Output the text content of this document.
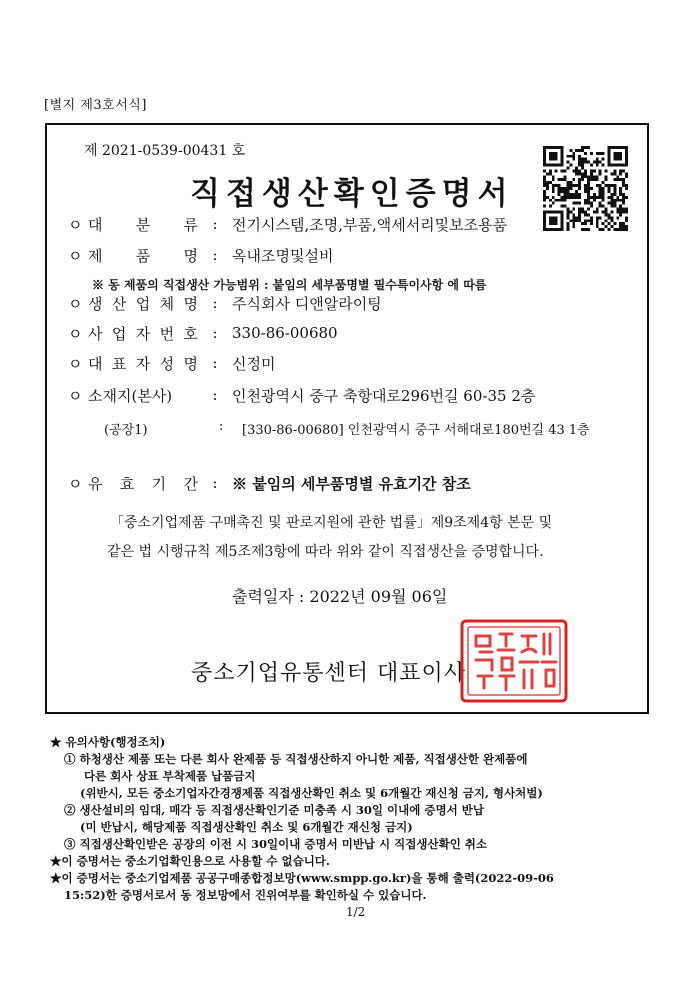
[별지 제3호서식]
제 2021-0539-00431 호
직접생산확인증명서
ㅇ 대 분 류 : 전기시스템,조명,부품,액세서리및보조용품
ㅇ 제 품 명 : 옥내조명및설비
※ 동 제품의 직접생산 가능범위 : 붙임의 세부품명별 필수특이사항 에 따름
ㅇ 생 산 업 체 명 : 주식회사 디앤알라이팅
ㅇ 사 업 자 번 호 : 330-86-00680
ㅇ 대 표 자 성 명 : 신정미
ㅇ 소재지(본사)	: 인천광역시 중구 축항대로296번길 60-35 2층
(공장1)	: [330-86-00680] 인천광역시 중구 서해대로180번길 43 1층
ㅇ 유 효 기 간 : ※ 붙임의 세부품명별 유효기간 참조
「중소기업제품 구매촉진 및 판로지원에 관한 법률」제9조제4항 본문 및
같은 법 시행규칙 제5조제3항에 따라 위와 같이 직접생산을 증명합니다.
출력일자 : 2022년 09월 06일
중소기업유통센터 대표이사
★ 유의사항(행정조치)
① 하청생산 제품 또는 다른 회사 완제품 등 직접생산하지 아니한 제품, 직접생산한 완제품에
다른 회사 상표 부착제품 납품금지
(위반시, 모든 중소기업자간경쟁제품 직접생산확인 취소 및 6개월간 재신청 금지, 형사처벌)
② 생산설비의 임대, 매각 등 직접생산확인기준 미충족 시 30일 이내에 증명서 반납
(미 반납시, 해당제품 직접생산확인 취소 및 6개월간 재신청 금지)
③ 직접생산확인받은 공장의 이전 시 30일이내 증명서 미반납 시 직접생산확인 취소
★이 증명서는 중소기업확인용으로 사용할 수 없습니다.
★이 증명서는 중소기업제품 공공구매종합정보망(www.smpp.go.kr)을 통해 출력(2022-09-06
15:52)한 증명서로서 동 정보망에서 진위여부를 확인하실 수 있습니다.
1/2
